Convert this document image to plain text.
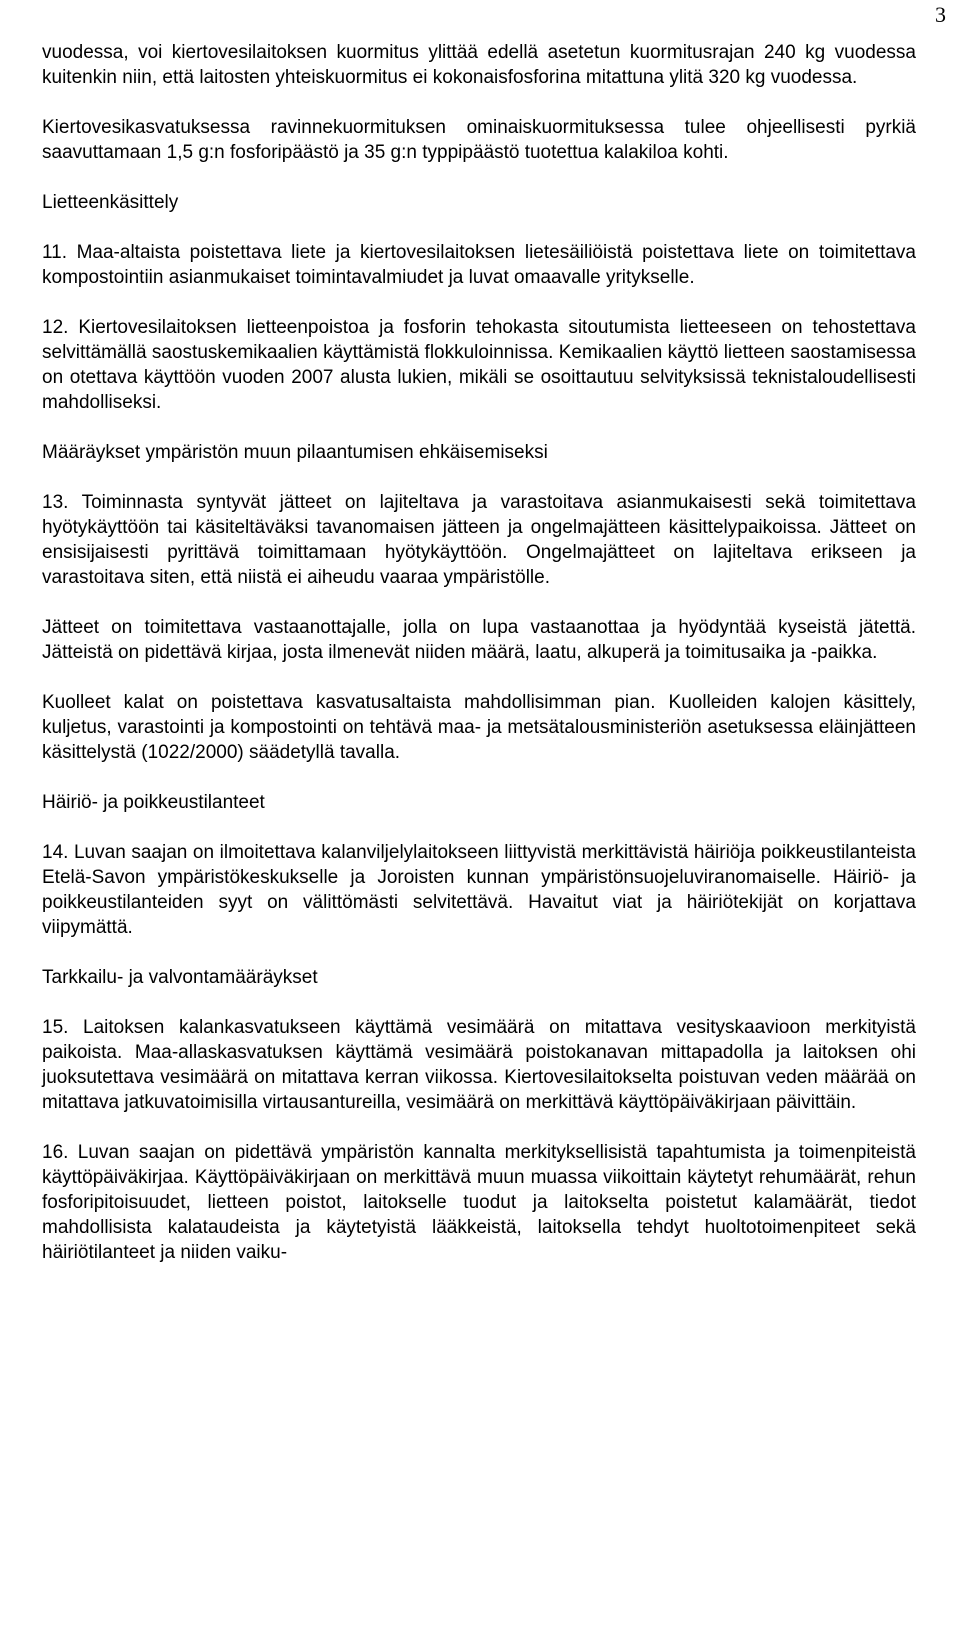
3

vuodessa, voi kiertovesilaitoksen kuormitus ylittää edellä asetetun kuormitusrajan 240 kg vuodessa kuitenkin niin, että laitosten yhteiskuormitus ei kokonaisfosforina mitattuna ylitä 320 kg vuodessa.

Kiertovesikasvatuksessa ravinnekuormituksen ominaiskuormituksessa tulee ohjeellisesti pyrkiä saavuttamaan 1,5 g:n fosforipäästö ja 35 g:n typpipäästö tuotettua kalakiloa kohti.

Lietteenkäsittely

11. Maa-altaista poistettava liete ja kiertovesilaitoksen lietesäiliöistä poistettava liete on toimitettava kompostointiin asianmukaiset toimintavalmiudet ja luvat omaavalle yritykselle.

12. Kiertovesilaitoksen lietteenpoistoa ja fosforin tehokasta sitoutumista lietteeseen on tehostettava selvittämällä saostuskemikaalien käyttämistä flokkuloinnissa. Kemikaalien käyttö lietteen saostamisessa on otettava käyttöön vuoden 2007 alusta lukien, mikäli se osoittautuu selvityksissä teknistaloudellisesti mahdolliseksi.

Määräykset ympäristön muun pilaantumisen ehkäisemiseksi

13. Toiminnasta syntyvät jätteet on lajiteltava ja varastoitava asianmukaisesti sekä toimitettava hyötykäyttöön tai käsiteltäväksi tavanomaisen jätteen ja ongelmajätteen käsittelypaikoissa. Jätteet on ensisijaisesti pyrittävä toimittamaan hyötykäyttöön. Ongelmajätteet on lajiteltava erikseen ja varastoitava siten, että niistä ei aiheudu vaaraa ympäristölle.

Jätteet on toimitettava vastaanottajalle, jolla on lupa vastaanottaa ja hyödyntää kyseistä jätettä. Jätteistä on pidettävä kirjaa, josta ilmenevät niiden määrä, laatu, alkuperä ja toimitusaika ja -paikka.

Kuolleet kalat on poistettava kasvatusaltaista mahdollisimman pian. Kuolleiden kalojen käsittely, kuljetus, varastointi ja kompostointi on tehtävä maa- ja metsätalousministeriön asetuksessa eläinjätteen käsittelystä (1022/2000) säädetyllä tavalla.

Häiriö- ja poikkeustilanteet

14. Luvan saajan on ilmoitettava kalanviljelylaitokseen liittyvistä merkittävistä häiriöja poikkeustilanteista Etelä-Savon ympäristökeskukselle ja Joroisten kunnan ympäristönsuojeluviranomaiselle. Häiriö- ja poikkeustilanteiden syyt on välittömästi selvitettävä. Havaitut viat ja häiriötekijät on korjattava viipymättä.

Tarkkailu- ja valvontamääräykset

15. Laitoksen kalankasvatukseen käyttämä vesimäärä on mitattava vesityskaavioon merkityistä paikoista. Maa-allaskasvatuksen käyttämä vesimäärä poistokanavan mittapadolla ja laitoksen ohi juoksutettava vesimäärä on mitattava kerran viikossa. Kiertovesilaitokselta poistuvan veden määrää on mitattava jatkuvatoimisilla virtausantureilla, vesimäärä on merkittävä käyttöpäiväkirjaan päivittäin.

16. Luvan saajan on pidettävä ympäristön kannalta merkityksellisistä tapahtumista ja toimenpiteistä käyttöpäiväkirjaa. Käyttöpäiväkirjaan on merkittävä muun muassa viikoittain käytetyt rehumäärät, rehun fosforipitoisuudet, lietteen poistot, laitokselle tuodut ja laitokselta poistetut kalamäärät, tiedot mahdollisista kalataudeista ja käytetyistä lääkkeistä, laitoksella tehdyt huoltotoimenpiteet sekä häiriötilanteet ja niiden vaiku-
